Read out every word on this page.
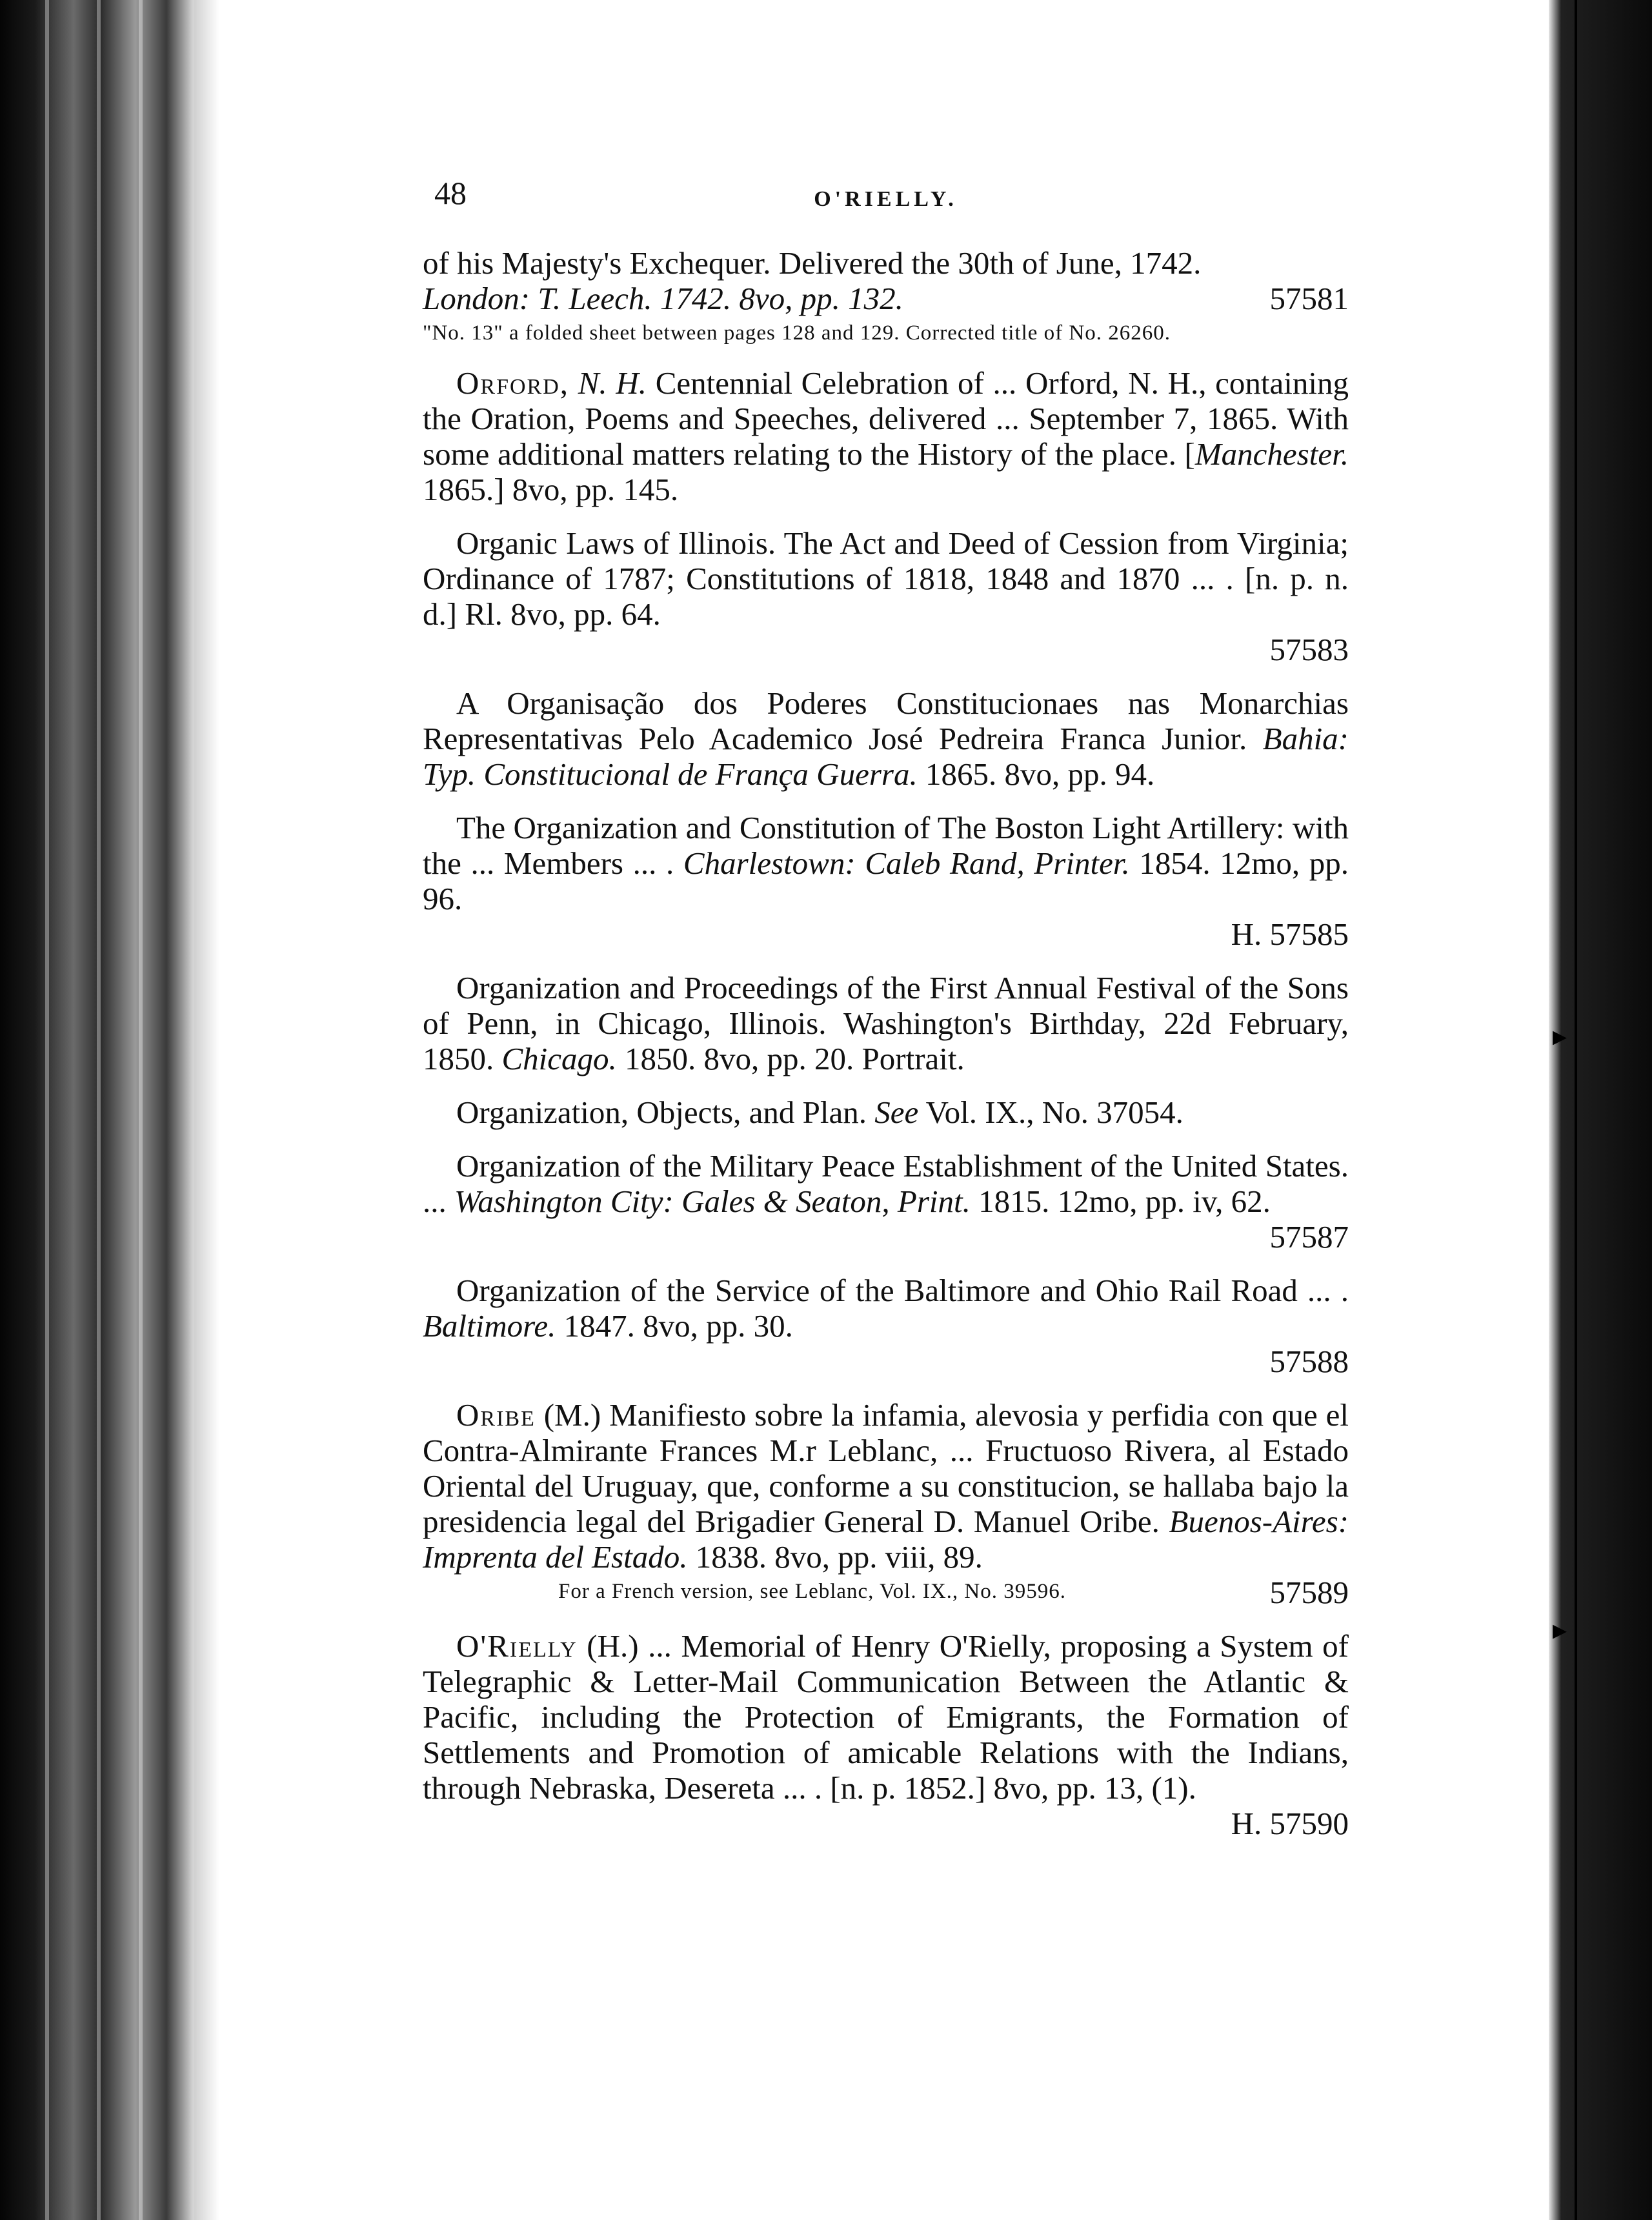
▸
▸
48	O'RIELLY.

of his Majesty's Exchequer. Delivered the 30th of June, 1742.

London: T. Leech. 1742. 8vo, pp. 132.	57581
"No. 13" a folded sheet between pages 128 and 129. Corrected title of No. 26260.

Orford, N. H. Centennial Celebration of ... Orford, N. H., containing the Oration, Poems and Speeches, delivered ... September 7, 1865. With some additional matters relating to the History of the place. [Manchester. 1865.] 8vo, pp. 145.

Organic Laws of Illinois. The Act and Deed of Cession from Virginia; Ordinance of 1787; Constitutions of 1818, 1848 and 1870 ... . [n. p. n. d.] Rl. 8vo, pp. 64.

57583

A Organisação dos Poderes Constitucionaes nas Monarchias Representativas Pelo Academico José Pedreira Franca Junior. Bahia: Typ. Constitucional de França Guerra. 1865. 8vo, pp. 94.

The Organization and Constitution of The Boston Light Artillery: with the ... Members ... . Charlestown: Caleb Rand, Printer. 1854. 12mo, pp. 96.

H. 57585

Organization and Proceedings of the First Annual Festival of the Sons of Penn, in Chicago, Illinois. Washington's Birthday, 22d February, 1850. Chicago. 1850. 8vo, pp. 20. Portrait.

Organization, Objects, and Plan. See Vol. IX., No. 37054.

Organization of the Military Peace Establishment of the United States. ... Washington City: Gales & Seaton, Print. 1815. 12mo, pp. iv, 62.

57587

Organization of the Service of the Baltimore and Ohio Rail Road ... . Baltimore. 1847. 8vo, pp. 30.

57588

Oribe (M.) Manifiesto sobre la infamia, alevosia y perfidia con que el Contra-Almirante Frances M.r Leblanc, ... Fructuoso Rivera, al Estado Oriental del Uruguay, que, conforme a su constitucion, se hallaba bajo la presidencia legal del Brigadier General D. Manuel Oribe. Buenos-Aires: Imprenta del Estado. 1838. 8vo, pp. viii, 89.

For a French version, see Leblanc, Vol. IX., No. 39596.	57589

O'Rielly (H.) ... Memorial of Henry O'Rielly, proposing a System of Telegraphic & Letter-Mail Communication Between the Atlantic & Pacific, including the Protection of Emigrants, the Formation of Settlements and Promotion of amicable Relations with the Indians, through Nebraska, Desereta ... . [n. p. 1852.] 8vo, pp. 13, (1).

H. 57590
